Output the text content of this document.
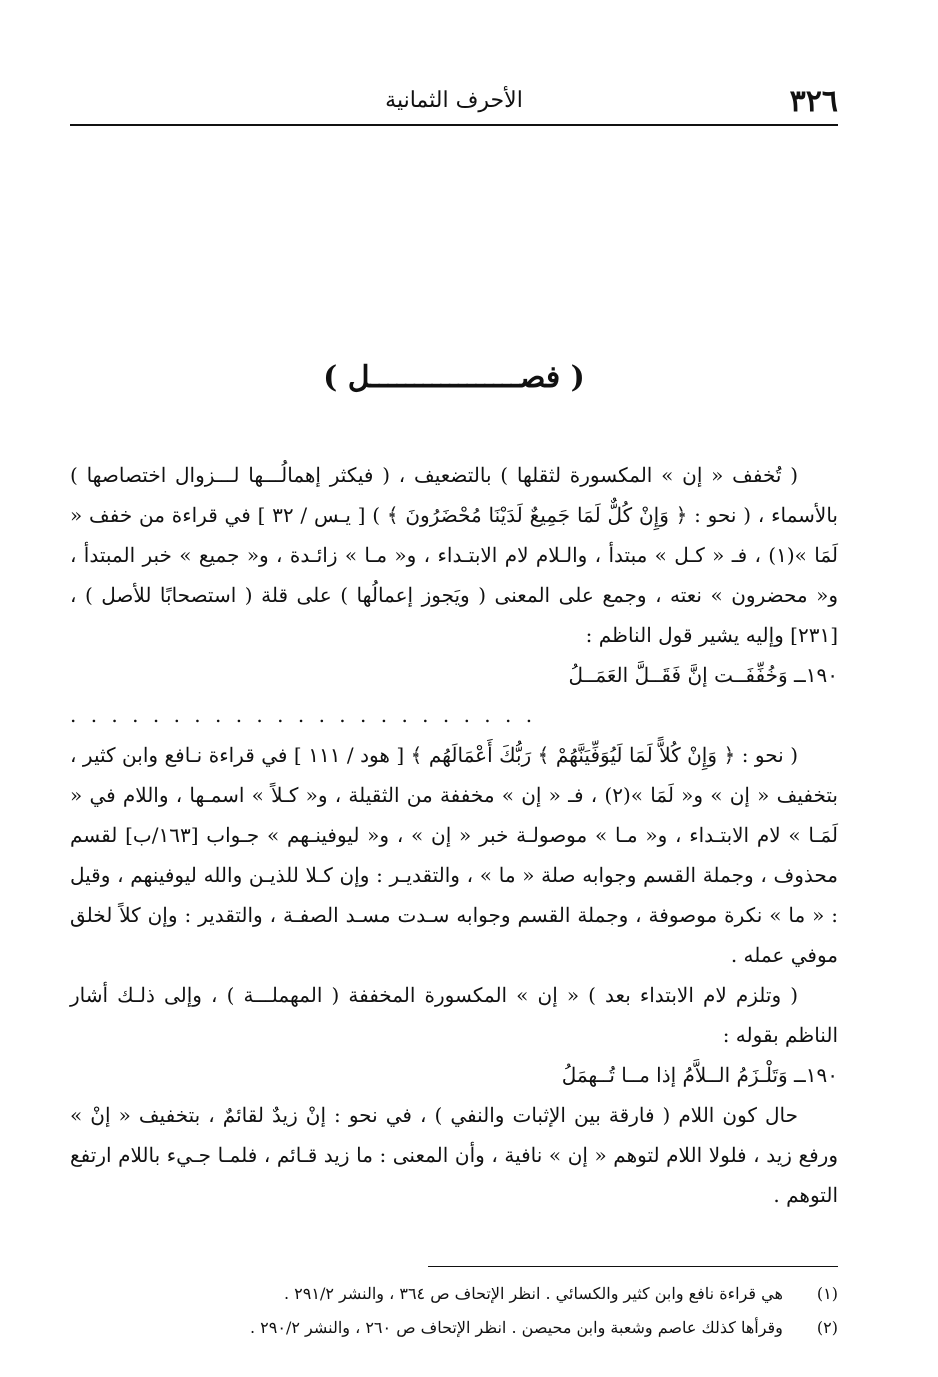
٣٢٦
الأحرف الثمانية
( فصـــــــــــــــــل )

( تُخفف « إن » المكسورة لثقلها ) بالتضعيف ، ( فيكثر إهمالُـــها لـــزوال اختصاصها ) بالأسماء ، ( نحو : ﴿ وَإِنْ كُلٌّ لَمَا جَمِيعٌ لَدَيْنَا مُحْضَرُونَ ﴾ ) [ يـس / ٣٢ ] في قراءة من خفف « لَمَا »(١) ، فـ « كـل » مبتدأ ، والـلام لام الابتـداء ، و« مـا » زائـدة ، و« جميع » خبر المبتدأ ، و« محضرون » نعته ، وجمع على المعنى ( ويَجوز إعمالُها ) على قلة ( استصحابًا للأصل ) ، [٢٣١] وإليه يشير قول الناظم :

١٩٠ــ وَخُفِّفَــت إنَّ فَقَــلَّ العَمَــلُ

. . . . . . . . . . . . . . . . . . . . . . .

( نحو : ﴿ وَإِنْ كُلاًّ لَمَا لَيُوَفِّيَنَّهُمْ ﴾ رَبُّكَ أَعْمَالَهُم ﴾ [ هود / ١١١ ] في قراءة نـافع وابن كثير ، بتخفيف « إن » و« لَمَا »(٢) ، فـ « إن » مخففة من الثقيلة ، و« كـلاً » اسمـها ، واللام في « لَمَـا » لام الابتـداء ، و« مـا » موصولـة خبر « إن » ، و« ليوفينـهم » جـواب [١٦٣/ب] لقسم محذوف ، وجملة القسم وجوابه صلة « ما » ، والتقديـر : وإن كـلا للذيـن والله ليوفينهم ، وقيل : « ما » نكرة موصوفة ، وجملة القسم وجوابه سـدت مسـد الصفـة ، والتقدير : وإن كلاً لخلق موفي عمله .

( وتلزم لام الابتداء بعد ) « إن » المكسورة المخففة ( المهملـــة ) ، وإلى ذلـك أشار الناظم بقوله :

١٩٠ــ وَتَلْـزَمُ الــلاَّمُ إذا مــا تُــهمَلُ

حال كون اللام ( فارقة بين الإثبات والنفي ) ، في نحو : إنْ زيدٌ لقائمٌ ، بتخفيف « إنْ » ورفع زيد ، فلولا اللام لتوهم « إن » نافية ، وأن المعنى : ما زيد قـائم ، فلمـا جـيء باللام ارتفع التوهم .

(١) هي قراءة نافع وابن كثير والكسائي . انظر الإتحاف ص ٣٦٤ ، والنشر ٢٩١/٢ .

(٢) وقرأها كذلك عاصم وشعبة وابن محيصن . انظر الإتحاف ص ٢٦٠ ، والنشر ٢٩٠/٢ .
